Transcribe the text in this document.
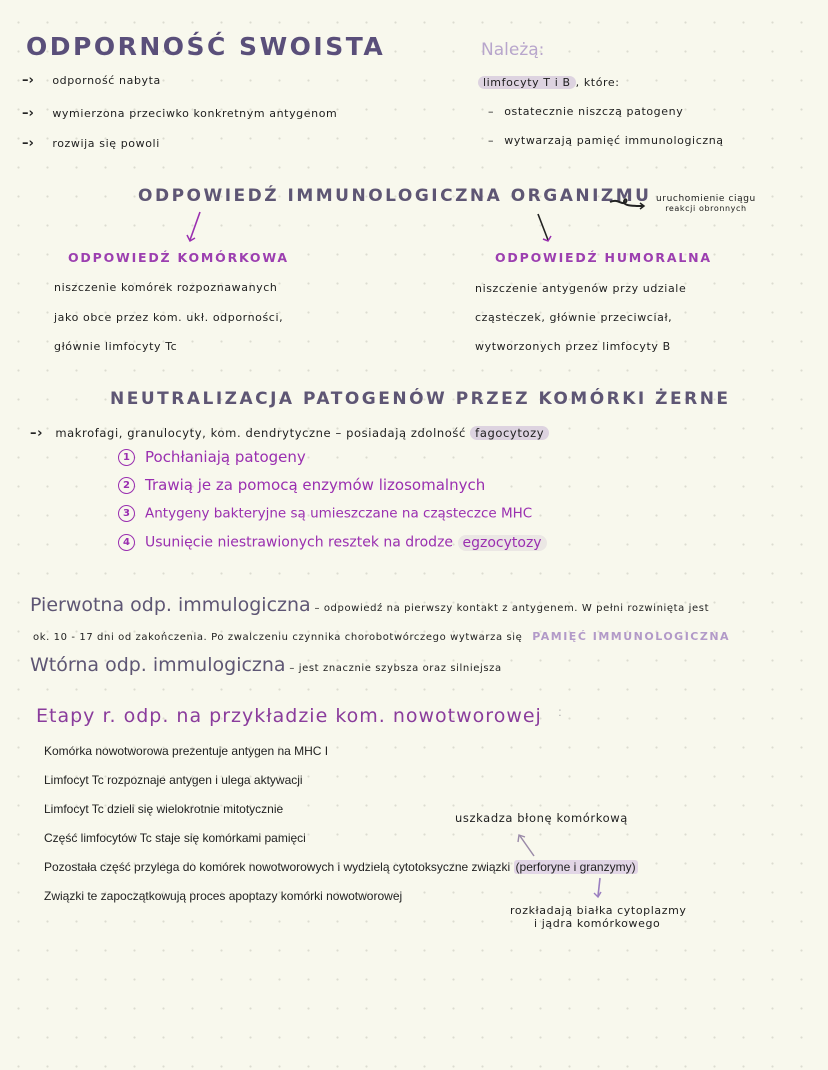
ODPORNOŚĆ SWOISTA
–› odporność nabyta
–› wymierzona przeciwko konkretnym antygenom
–› rozwija się powoli
Należą:
limfocyty T i B , które:
– ostatecznie niszczą patogeny
– wytwarzają pamięć immunologiczną
ODPOWIEDŹ IMMUNOLOGICZNA ORGANIZMU uruchomienie ciągu
reakcji obronnych
ODPOWIEDŹ KOMÓRKOWA
niszczenie komórek rozpoznawanych
jako obce przez kom. ukł. odporności,
głównie limfocyty Tc
ODPOWIEDŹ HUMORALNA
niszczenie antygenów przy udziale
cząsteczek, głównie przeciwciał,
wytworzonych przez limfocyty B
NEUTRALIZACJA PATOGENÓW PRZEZ KOMÓRKI ŻERNE
–› makrofagi, granulocyty, kom. dendrytyczne – posiadają zdolność fagocytozy
1 Pochłaniają patogeny
2 Trawią je za pomocą enzymów lizosomalnych
3 Antygeny bakteryjne są umieszczane na cząsteczce MHC
4 Usunięcie niestrawionych resztek na drodze egzocytozy
Pierwotna odp. immulogiczna – odpowiedź na pierwszy kontakt z antygenem. W pełni rozwinięta jest
ok. 10 - 17 dni od zakończenia. Po zwalczeniu czynnika chorobotwórczego wytwarza się PAMIĘĆ IMMUNOLOGICZNA
Wtórna odp. immulogiczna – jest znacznie szybsza oraz silniejsza
Etapy r. odp. na przykładzie kom. nowotworowej :
Komórka nowotworowa prezentuje antygen na MHC I
Limfocyt Tc rozpoznaje antygen i ulega aktywacji
Limfocyt Tc dzieli się wielokrotnie mitotycznie
Część limfocytów Tc staje się komórkami pamięci
Pozostała część przylega do komórek nowotworowych i wydzielą cytotoksyczne związki (perforyne i granzymy)
Związki te zapoczątkowują proces apoptazy komórki nowotworowej
uszkadza błonę komórkową
rozkładają białka cytoplazmy
i jądra komórkowego
